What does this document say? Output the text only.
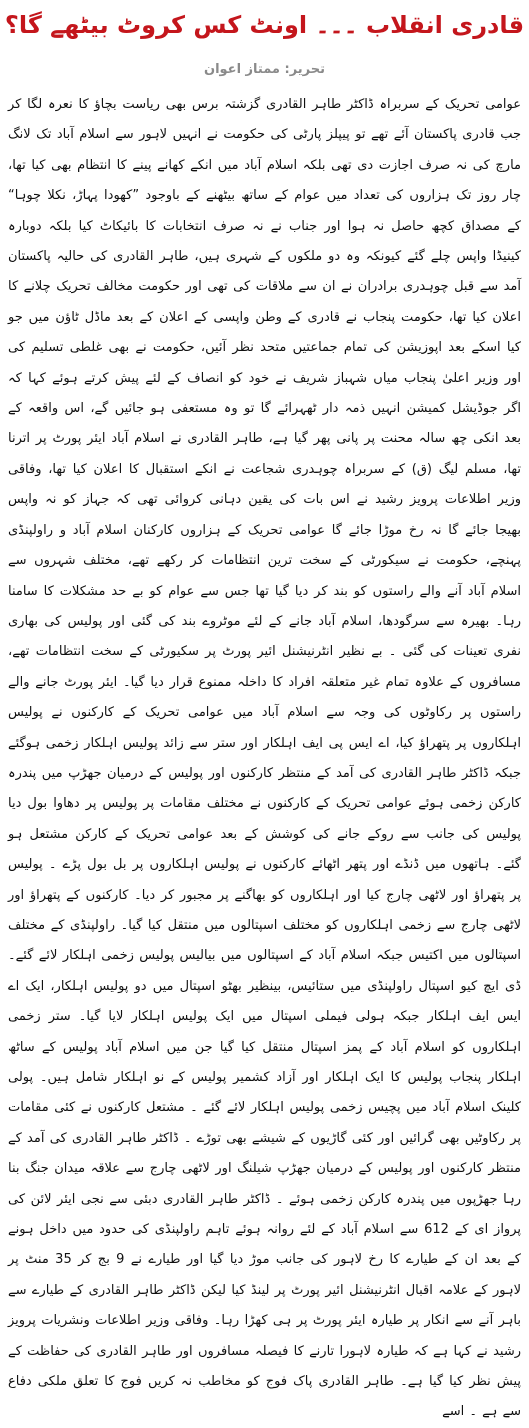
قادری انقلاب ۔۔۔ اونٹ کس کروٹ بیٹھے گا؟
تحریر: ممتاز اعوان

عوامی تحریک کے سربراہ ڈاکٹر طاہر القادری گزشتہ برس بھی ریاست بچاؤ کا نعرہ لگا کر جب قادری پاکستان آئے تھے تو پیپلز پارٹی کی حکومت نے انہیں لاہور سے اسلام آباد تک لانگ مارچ کی نہ صرف اجازت دی تھی بلکہ اسلام آباد میں انکے کھانے پینے کا انتظام بھی کیا تھا، چار روز تک ہزاروں کی تعداد میں عوام کے ساتھ بیٹھنے کے باوجود ”کھودا پہاڑ، نکلا چوہا“ کے مصداق کچھ حاصل نہ ہوا اور جناب نے نہ صرف انتخابات کا بائیکاٹ کیا بلکہ دوبارہ کینیڈا واپس چلے گئے کیونکہ وہ دو ملکوں کے شہری ہیں، طاہر القادری کی حالیہ پاکستان آمد سے قبل چوہدری برادران نے ان سے ملاقات کی تھی اور حکومت مخالف تحریک چلانے کا اعلان کیا تھا، حکومت پنجاب نے قادری کے وطن واپسی کے اعلان کے بعد ماڈل ٹاؤن میں جو کیا اسکے بعد اپوزیشن کی تمام جماعتیں متحد نظر آئیں، حکومت نے بھی غلطی تسلیم کی اور وزیر اعلیٰ پنجاب میاں شہباز شریف نے خود کو انصاف کے لئے پیش کرتے ہوئے کہا کہ اگر جوڈیشل کمیشن انہیں ذمہ دار ٹھہرائے گا تو وہ مستعفی ہو جائیں گے، اس واقعہ کے بعد انکی چھ سالہ محنت پر پانی پھر گیا ہے، طاہر القادری نے اسلام آباد ایئر پورٹ پر اترنا تھا، مسلم لیگ (ق) کے سربراہ چوہدری شجاعت نے انکے استقبال کا اعلان کیا تھا، وفاقی وزیر اطلاعات پرویز رشید نے اس بات کی یقین دہانی کروائی تھی کہ جہاز کو نہ واپس بھیجا جائے گا نہ رخ موڑا جائے گا عوامی تحریک کے ہزاروں کارکنان اسلام آباد و راولپنڈی پہنچے، حکومت نے سیکورٹی کے سخت ترین انتظامات کر رکھے تھے، مختلف شہروں سے اسلام آباد آنے والے راستوں کو بند کر دیا گیا تھا جس سے عوام کو بے حد مشکلات کا سامنا رہا۔ بھیرہ سے سرگودھا، اسلام آباد جانے کے لئے موٹروے بند کی گئی اور پولیس کی بھاری نفری تعینات کی گئی ۔ بے نظیر انٹرنیشنل ائیر پورٹ پر سکیورٹی کے سخت انتظامات تھے، مسافروں کے علاوہ تمام غیر متعلقہ افراد کا داخلہ ممنوع قرار دیا گیا۔ ایئر پورٹ جانے والے راستوں پر رکاوٹوں کی وجہ سے اسلام آباد میں عوامی تحریک کے کارکنوں نے پولیس اہلکاروں پر پتھراؤ کیا، اے ایس پی ایف اہلکار اور ستر سے زائد پولیس اہلکار زخمی ہوگئے جبکہ ڈاکٹر طاہر القادری کی آمد کے منتظر کارکنوں اور پولیس کے درمیان جھڑپ میں پندرہ کارکن زخمی ہوئے عوامی تحریک کے کارکنوں نے مختلف مقامات پر پولیس پر دھاوا بول دیا پولیس کی جانب سے روکے جانے کی کوشش کے بعد عوامی تحریک کے کارکن مشتعل ہو گئے۔ ہاتھوں میں ڈنڈے اور پتھر اٹھائے کارکنوں نے پولیس اہلکاروں پر بل بول پڑے ۔ پولیس پر پتھراؤ اور لاٹھی چارج کیا اور اہلکاروں کو بھاگنے پر مجبور کر دیا۔ کارکنوں کے پتھراؤ اور لاٹھی چارج سے زخمی اہلکاروں کو مختلف اسپتالوں میں منتقل کیا گیا۔ راولپنڈی کے مختلف اسپتالوں میں اکتیس جبکہ اسلام آباد کے اسپتالوں میں بیالیس پولیس زخمی اہلکار لائے گئے۔ ڈی ایچ کیو اسپتال راولپنڈی میں ستائیس، بینظیر بھٹو اسپتال میں دو پولیس اہلکار، ایک اے ایس ایف اہلکار جبکہ ہولی فیملی اسپتال میں ایک پولیس اہلکار لایا گیا۔ ستر زخمی اہلکاروں کو اسلام آباد کے پمز اسپتال منتقل کیا گیا جن میں اسلام آباد پولیس کے ساٹھ اہلکار پنجاب پولیس کا ایک اہلکار اور آزاد کشمیر پولیس کے نو اہلکار شامل ہیں۔ پولی کلینک اسلام آباد میں پچیس زخمی پولیس اہلکار لائے گئے ۔ مشتعل کارکنوں نے کئی مقامات پر رکاوٹیں بھی گرائیں اور کئی گاڑیوں کے شیشے بھی توڑے ۔ ڈاکٹر طاہر القادری کی آمد کے منتظر کارکنوں اور پولیس کے درمیان جھڑپ شیلنگ اور لاٹھی چارج سے علاقہ میدان جنگ بنا رہا جھڑپوں میں پندرہ کارکن زخمی ہوئے ۔ ڈاکٹر طاہر القادری دبئی سے نجی ایئر لائن کی پرواز ای کے 612 سے اسلام آباد کے لئے روانہ ہوئے تاہم راولپنڈی کی حدود میں داخل ہونے کے بعد ان کے طیارے کا رخ لاہور کی جانب موڑ دیا گیا اور طیارے نے 9 بج کر 35 منٹ پر لاہور کے علامہ اقبال انٹرنیشنل ائیر پورٹ پر لینڈ کیا لیکن ڈاکٹر طاہر القادری کے طیارے سے باہر آنے سے انکار پر طیارہ ایئر پورٹ پر ہی کھڑا رہا۔ وفاقی وزیر اطلاعات ونشریات پرویز رشید نے کہا ہے کہ طیارہ لاہورا تارنے کا فیصلہ مسافروں اور طاہر القادری کی حفاظت کے پیش نظر کیا گیا ہے۔ طاہر القادری پاک فوج کو مخاطب نہ کریں فوج کا تعلق ملکی دفاع سے ہے ۔ اسے
